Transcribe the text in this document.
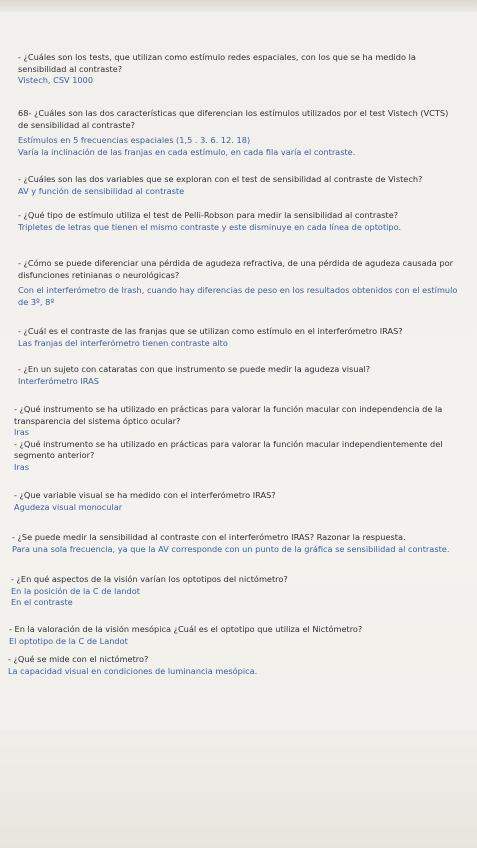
- ¿Cuáles son los tests, que utilizan como estímulo redes espaciales, con los que se ha medido la sensibilidad al contraste?
Vistech, CSV 1000
68- ¿Cuáles son las dos características que diferencian los estímulos utilizados por el test Vistech (VCTS) de sensibilidad al contraste?
Estímulos en 5 frecuencias espaciales (1,5 . 3. 6. 12. 18)
Varía la inclinación de las franjas en cada estímulo, en cada fila varía el contraste.
- ¿Cuáles son las dos variables que se exploran con el test de sensibilidad al contraste de Vistech?
AV y función de sensibilidad al contraste
- ¿Qué tipo de estímulo utiliza el test de Pelli-Robson para medir la sensibilidad al contraste?
Tripletes de letras que tienen el mismo contraste y este disminuye en cada línea de optotipo.
- ¿Cómo se puede diferenciar una pérdida de agudeza refractiva, de una pérdida de agudeza causada por disfunciones retinianas o neurológicas?
Con el interferómetro de Irash, cuando hay diferencias de peso en los resultados obtenidos con el estímulo de 3º, 8º
- ¿Cuál es el contraste de las franjas que se utilizan como estímulo en el interferómetro IRAS?
Las franjas del interferómetro tienen contraste alto
- ¿En un sujeto con cataratas con que instrumento se puede medir la agudeza visual?
Interferómetro IRAS
- ¿Qué instrumento se ha utilizado en prácticas para valorar la función macular con independencia de la transparencia del sistema óptico ocular?
Iras
- ¿Qué instrumento se ha utilizado en prácticas para valorar la función macular independientemente del segmento anterior?
Iras
- ¿Que variable visual se ha medido con el interferómetro IRAS?
Agudeza visual monocular
- ¿Se puede medir la sensibilidad al contraste con el interferómetro IRAS? Razonar la respuesta.
Para una sola frecuencia, ya que la AV corresponde con un punto de la gráfica se sensibilidad al contraste.
- ¿En qué aspectos de la visión varían los optotipos del nictómetro?
En la posición de la C de landot
En el contraste
- En la valoración de la visión mesópica ¿Cuál es el optotipo que utiliza el Nictómetro?
El optotipo de la C de Landot
- ¿Qué se mide con el nictómetro?
La capacidad visual en condiciones de luminancia mesópica.
